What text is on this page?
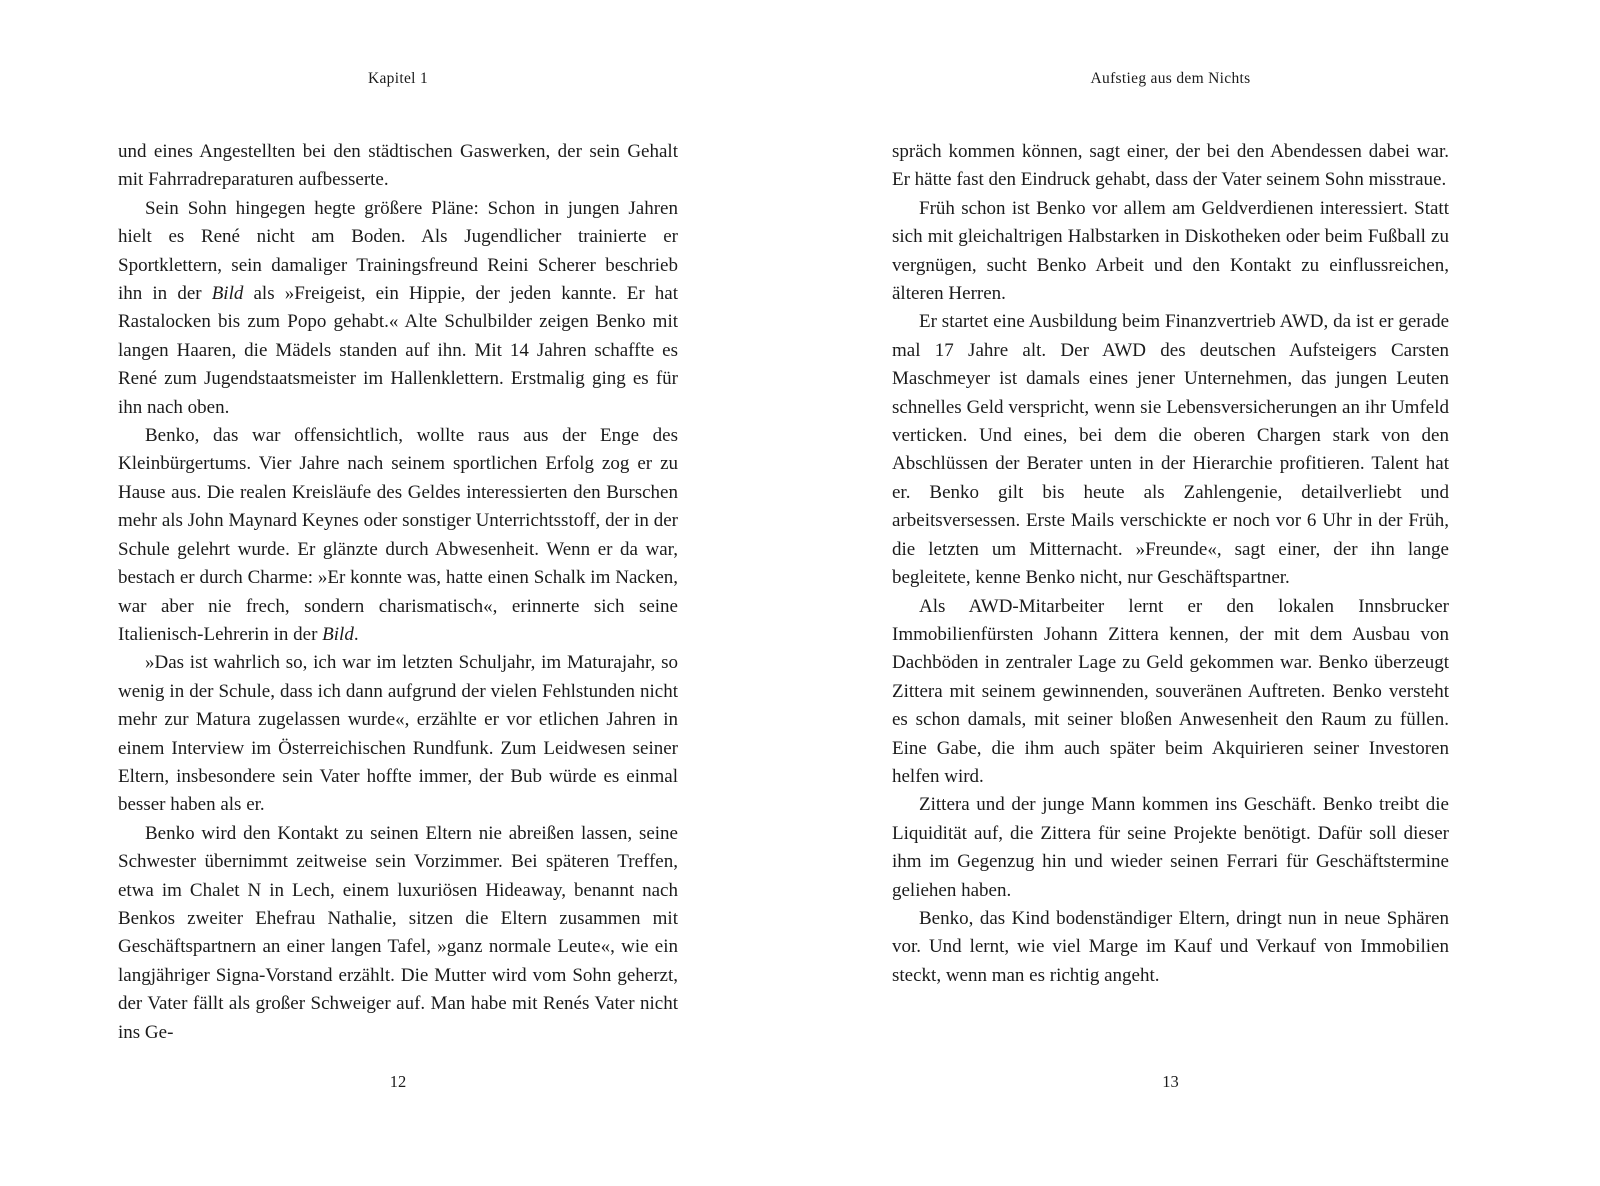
Kapitel 1

und eines Angestellten bei den städtischen Gaswerken, der sein Gehalt mit Fahrradreparaturen aufbesserte.

Sein Sohn hingegen hegte größere Pläne: Schon in jungen Jahren hielt es René nicht am Boden. Als Jugendlicher trainierte er Sportklettern, sein damaliger Trainingsfreund Reini Scherer beschrieb ihn in der Bild als »Freigeist, ein Hippie, der jeden kannte. Er hat Rastalocken bis zum Popo gehabt.« Alte Schulbilder zeigen Benko mit langen Haaren, die Mädels standen auf ihn. Mit 14 Jahren schaffte es René zum Jugendstaatsmeister im Hallenklettern. Erstmalig ging es für ihn nach oben.

Benko, das war offensichtlich, wollte raus aus der Enge des Kleinbürgertums. Vier Jahre nach seinem sportlichen Erfolg zog er zu Hause aus. Die realen Kreisläufe des Geldes interessierten den Burschen mehr als John Maynard Keynes oder sonstiger Unterrichtsstoff, der in der Schule gelehrt wurde. Er glänzte durch Abwesenheit. Wenn er da war, bestach er durch Charme: »Er konnte was, hatte einen Schalk im Nacken, war aber nie frech, sondern charismatisch«, erinnerte sich seine Italienisch-Lehrerin in der Bild.

»Das ist wahrlich so, ich war im letzten Schuljahr, im Maturajahr, so wenig in der Schule, dass ich dann aufgrund der vielen Fehlstunden nicht mehr zur Matura zugelassen wurde«, erzählte er vor etlichen Jahren in einem Interview im Österreichischen Rundfunk. Zum Leidwesen seiner Eltern, insbesondere sein Vater hoffte immer, der Bub würde es einmal besser haben als er.

Benko wird den Kontakt zu seinen Eltern nie abreißen lassen, seine Schwester übernimmt zeitweise sein Vorzimmer. Bei späteren Treffen, etwa im Chalet N in Lech, einem luxuriösen Hideaway, benannt nach Benkos zweiter Ehefrau Nathalie, sitzen die Eltern zusammen mit Geschäftspartnern an einer langen Tafel, »ganz normale Leute«, wie ein langjähriger Signa-Vorstand erzählt. Die Mutter wird vom Sohn geherzt, der Vater fällt als großer Schweiger auf. Man habe mit Renés Vater nicht ins Ge-

12
Aufstieg aus dem Nichts

spräch kommen können, sagt einer, der bei den Abendessen dabei war. Er hätte fast den Eindruck gehabt, dass der Vater seinem Sohn misstraue.

Früh schon ist Benko vor allem am Geldverdienen interessiert. Statt sich mit gleichaltrigen Halbstarken in Diskotheken oder beim Fußball zu vergnügen, sucht Benko Arbeit und den Kontakt zu einflussreichen, älteren Herren.

Er startet eine Ausbildung beim Finanzvertrieb AWD, da ist er gerade mal 17 Jahre alt. Der AWD des deutschen Aufsteigers Carsten Maschmeyer ist damals eines jener Unternehmen, das jungen Leuten schnelles Geld verspricht, wenn sie Lebensversicherungen an ihr Umfeld verticken. Und eines, bei dem die oberen Chargen stark von den Abschlüssen der Berater unten in der Hierarchie profitieren. Talent hat er. Benko gilt bis heute als Zahlengenie, detailverliebt und arbeitsversessen. Erste Mails verschickte er noch vor 6 Uhr in der Früh, die letzten um Mitternacht. »Freunde«, sagt einer, der ihn lange begleitete, kenne Benko nicht, nur Geschäftspartner.

Als AWD-Mitarbeiter lernt er den lokalen Innsbrucker Immobilienfürsten Johann Zittera kennen, der mit dem Ausbau von Dachböden in zentraler Lage zu Geld gekommen war. Benko überzeugt Zittera mit seinem gewinnenden, souveränen Auftreten. Benko versteht es schon damals, mit seiner bloßen Anwesenheit den Raum zu füllen. Eine Gabe, die ihm auch später beim Akquirieren seiner Investoren helfen wird.

Zittera und der junge Mann kommen ins Geschäft. Benko treibt die Liquidität auf, die Zittera für seine Projekte benötigt. Dafür soll dieser ihm im Gegenzug hin und wieder seinen Ferrari für Geschäftstermine geliehen haben.

Benko, das Kind bodenständiger Eltern, dringt nun in neue Sphären vor. Und lernt, wie viel Marge im Kauf und Verkauf von Immobilien steckt, wenn man es richtig angeht.

13
